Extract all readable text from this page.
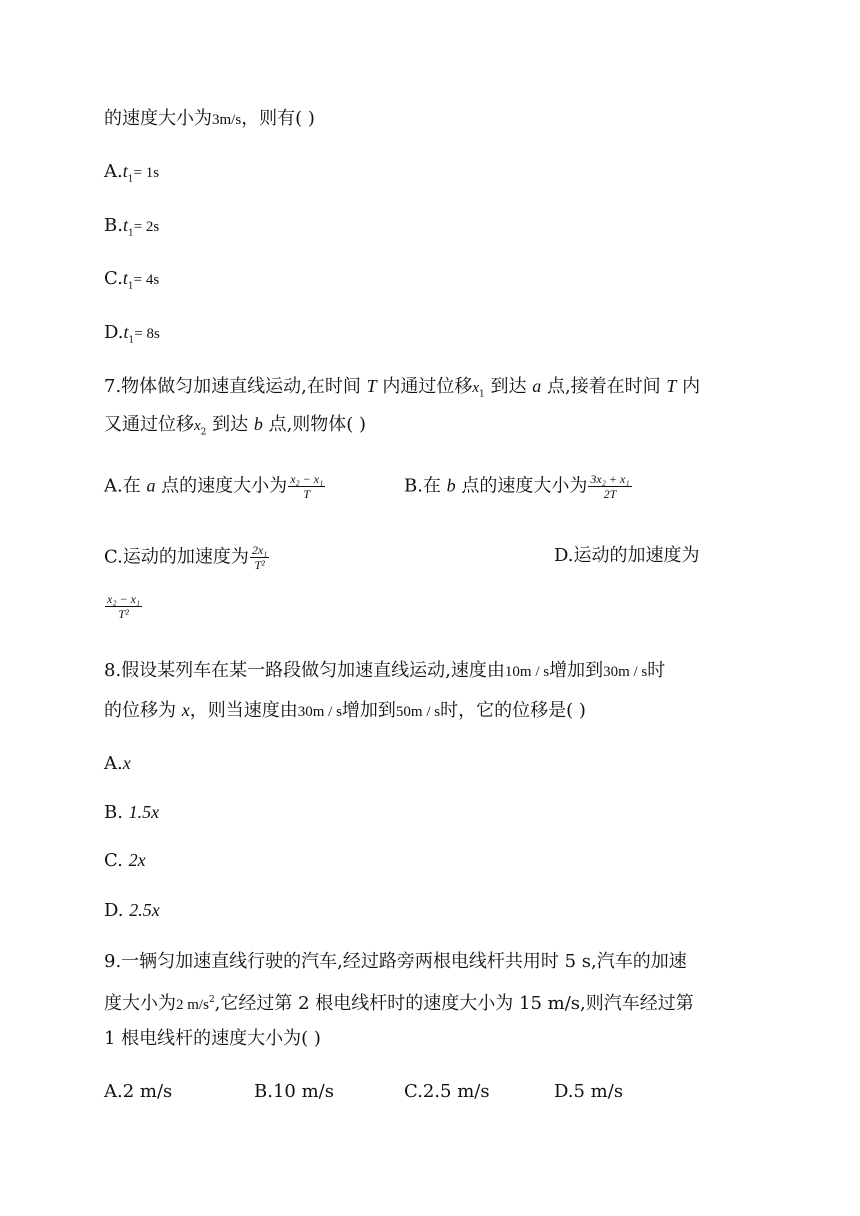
的速度大小为3m/s，则有( )
$A.t_1= 1s$
$B.t_1= 2s$
$C.t_1= 4s$
$D.t_1= 8s$
7.物体做匀加速直线运动,在时间 T 内通过位移$x_1$ 到达 a 点,接着在时间 T 内
又通过位移$x_2$ 到达 b 点,则物体( )
A.在 a 点的速度大小为 $\frac{\text{x₂ − x₁}}{T}$	B.在 b 点的速度大小为 $\frac{\text{3x₂ + x₁}}{2T}$
C.运动的加速度为 $\frac{\text{2x₁}}{\text{T²}}$	D.运动的加速度为
$\frac{\text{x₂ − x₁}}{\text{T²}}$
8.假设某列车在某一路段做匀加速直线运动,速度由10m / s增加到30m / s时
的位移为 x，则当速度由30m / s增加到50m / s时，它的位移是( )
A.x
B. 1.5x
C. 2x
D. 2.5x
9.一辆匀加速直线行驶的汽车,经过路旁两根电线杆共用时 5 s,汽车的加速
度大小为2 $m/s^2$,它经过第 2 根电线杆时的速度大小为 15 m/s,则汽车经过第
1 根电线杆的速度大小为( )
A.2 m/s	B.10 m/s	C.2.5 m/s	D.5 m/s
